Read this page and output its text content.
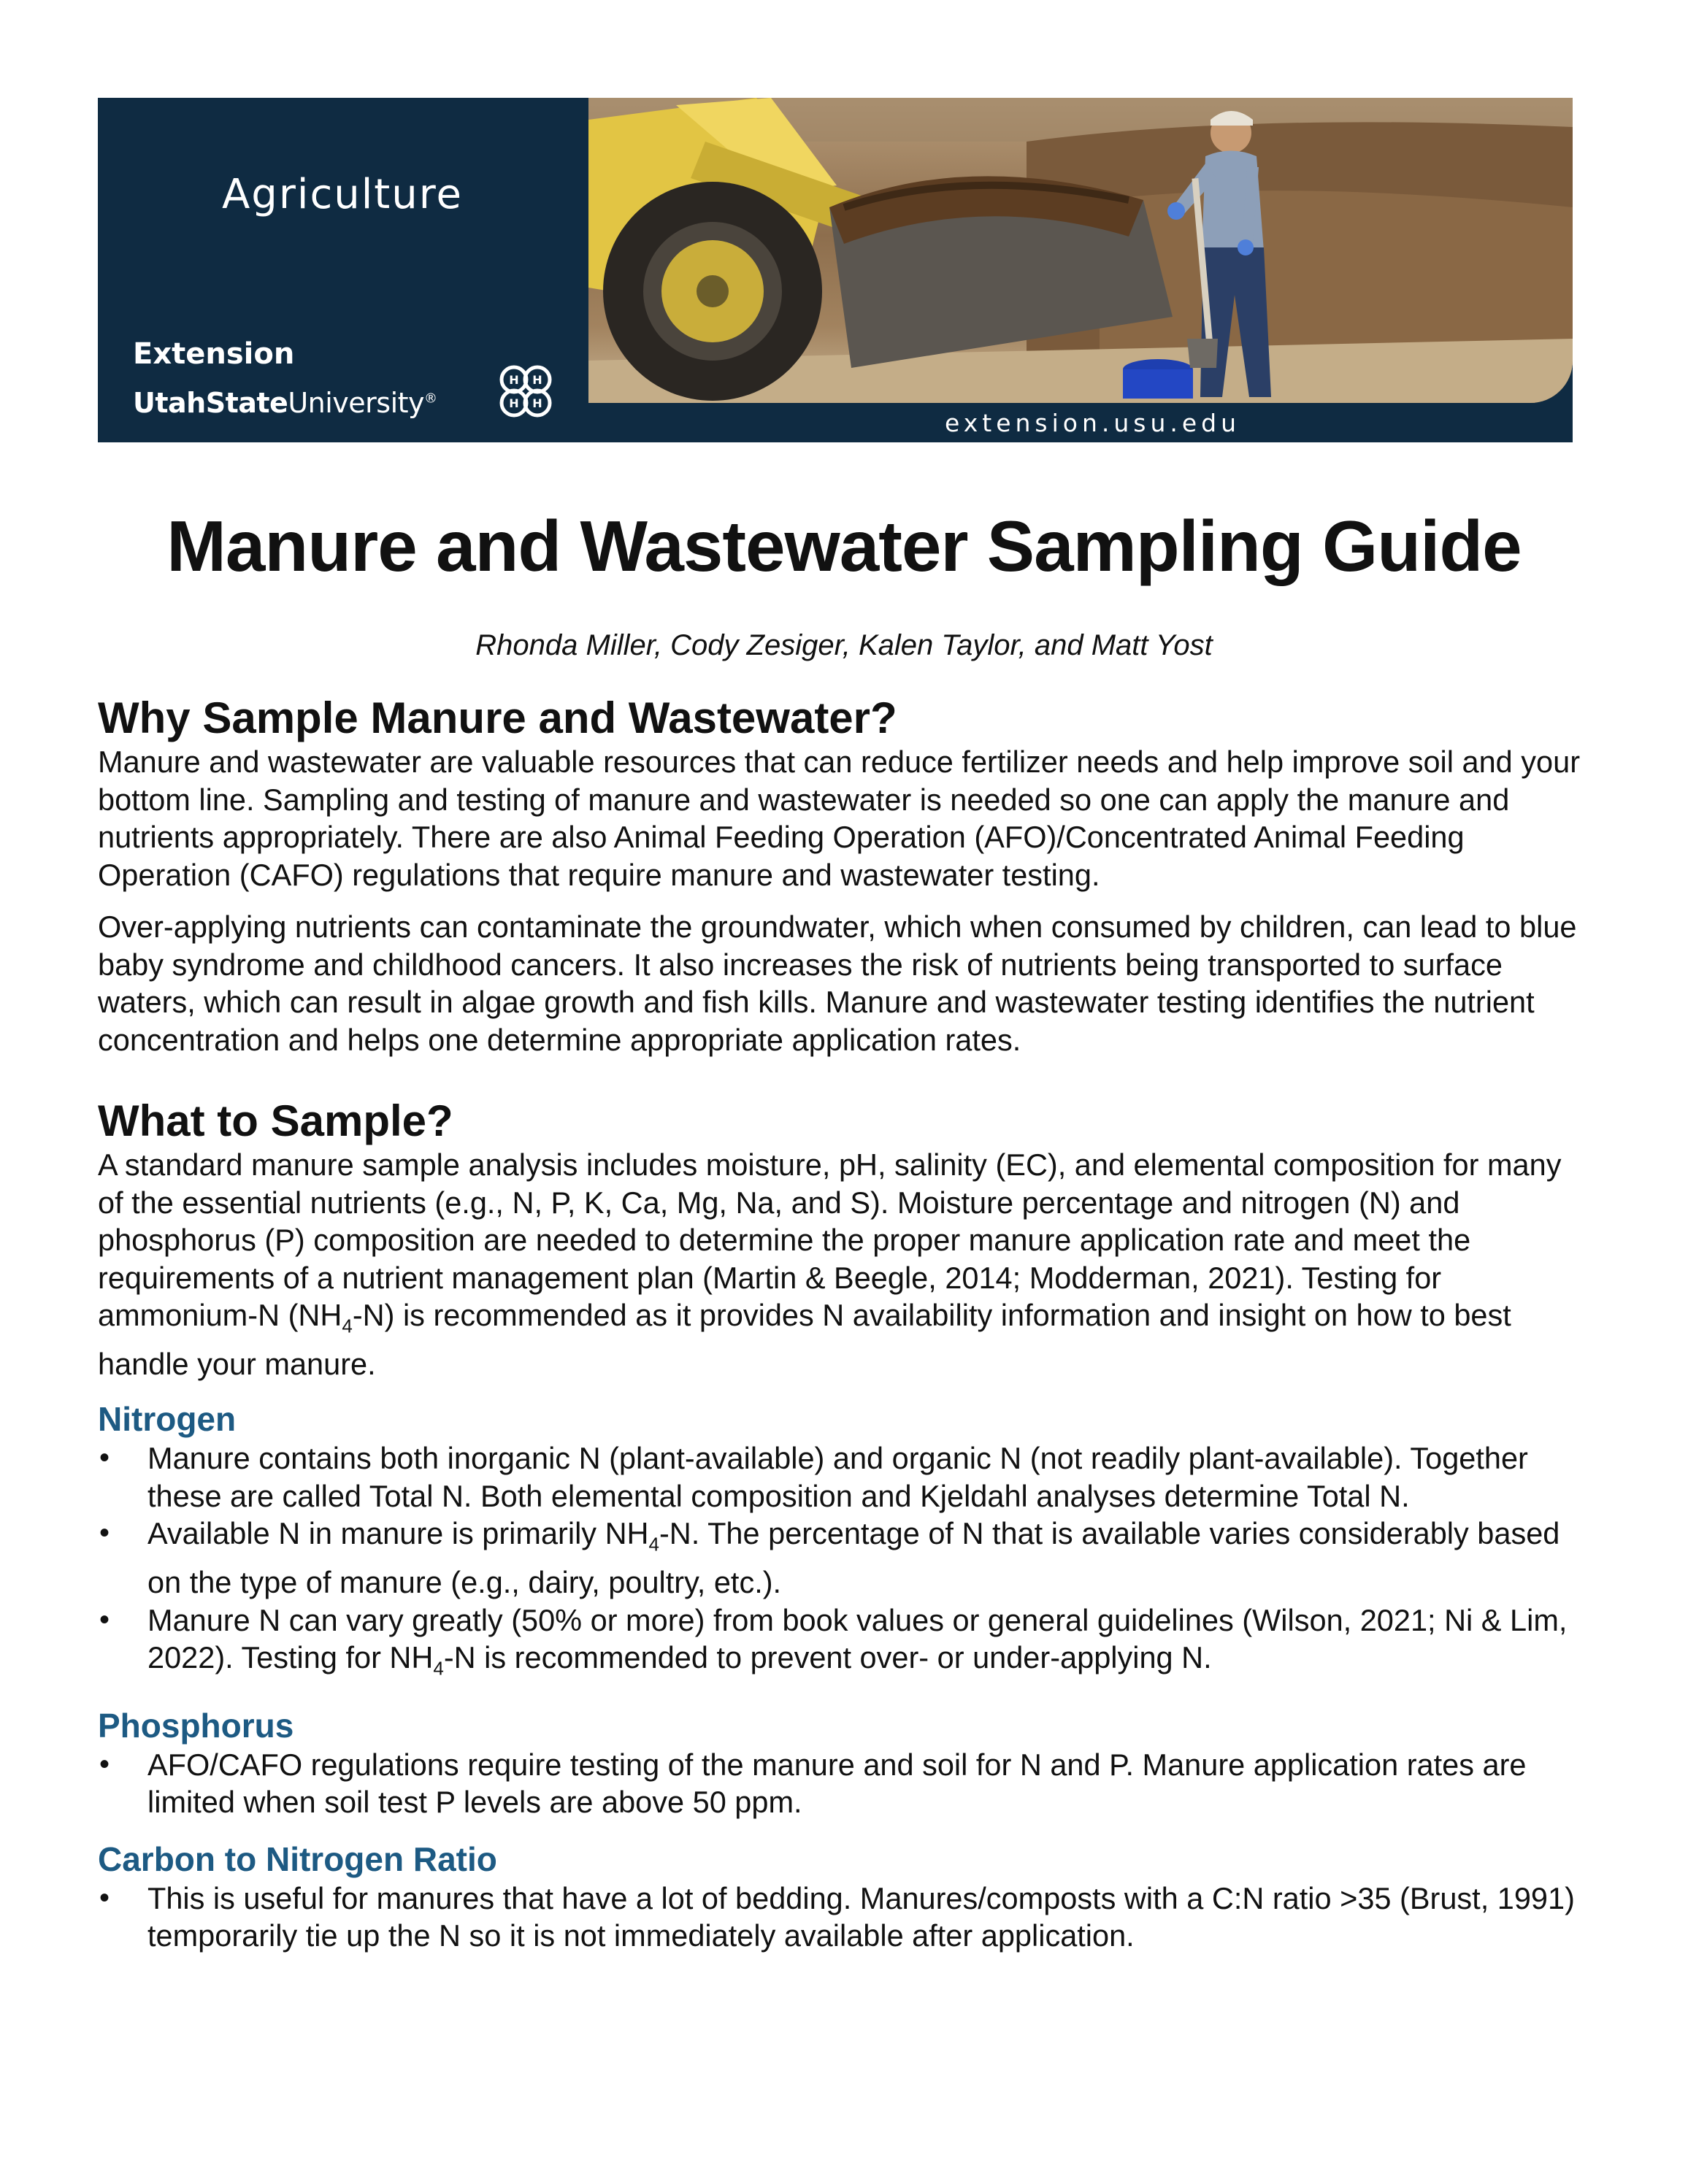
Agriculture
Extension
UtahStateUniversity®
H H
H H
extension.usu.edu
Manure and Wastewater Sampling Guide
Rhonda Miller, Cody Zesiger, Kalen Taylor, and Matt Yost
Why Sample Manure and Wastewater?

Manure and wastewater are valuable resources that can reduce fertilizer needs and help improve soil and your bottom line. Sampling and testing of manure and wastewater is needed so one can apply the manure and nutrients appropriately. There are also Animal Feeding Operation (AFO)/Concentrated Animal Feeding Operation (CAFO) regulations that require manure and wastewater testing.

Over-applying nutrients can contaminate the groundwater, which when consumed by children, can lead to blue baby syndrome and childhood cancers. It also increases the risk of nutrients being transported to surface waters, which can result in algae growth and fish kills. Manure and wastewater testing identifies the nutrient concentration and helps one determine appropriate application rates.

What to Sample?

A standard manure sample analysis includes moisture, pH, salinity (EC), and elemental composition for many of the essential nutrients (e.g., N, P, K, Ca, Mg, Na, and S). Moisture percentage and nitrogen (N) and phosphorus (P) composition are needed to determine the proper manure application rate and meet the requirements of a nutrient management plan (Martin & Beegle, 2014; Modderman, 2021). Testing for ammonium-N $(NH_4-N)$ is recommended as it provides N availability information and insight on how to best handle your manure.

Nitrogen
• Manure contains both inorganic N (plant-available) and organic N (not readily plant-available). Together these are called Total N. Both elemental composition and Kjeldahl analyses determine Total N.
• Available N in manure is primarily $NH_4-N$. The percentage of N that is available varies considerably based on the type of manure (e.g., dairy, poultry, etc.).
• Manure N can vary greatly (50% or more) from book values or general guidelines (Wilson, 2021; Ni & Lim, 2022). Testing for $NH_4-N$ is recommended to prevent over- or under-applying N.
Phosphorus
• AFO/CAFO regulations require testing of the manure and soil for N and P. Manure application rates are limited when soil test P levels are above 50 ppm.
Carbon to Nitrogen Ratio
• This is useful for manures that have a lot of bedding. Manures/composts with a C:N ratio >35 (Brust, 1991) temporarily tie up the N so it is not immediately available after application.
